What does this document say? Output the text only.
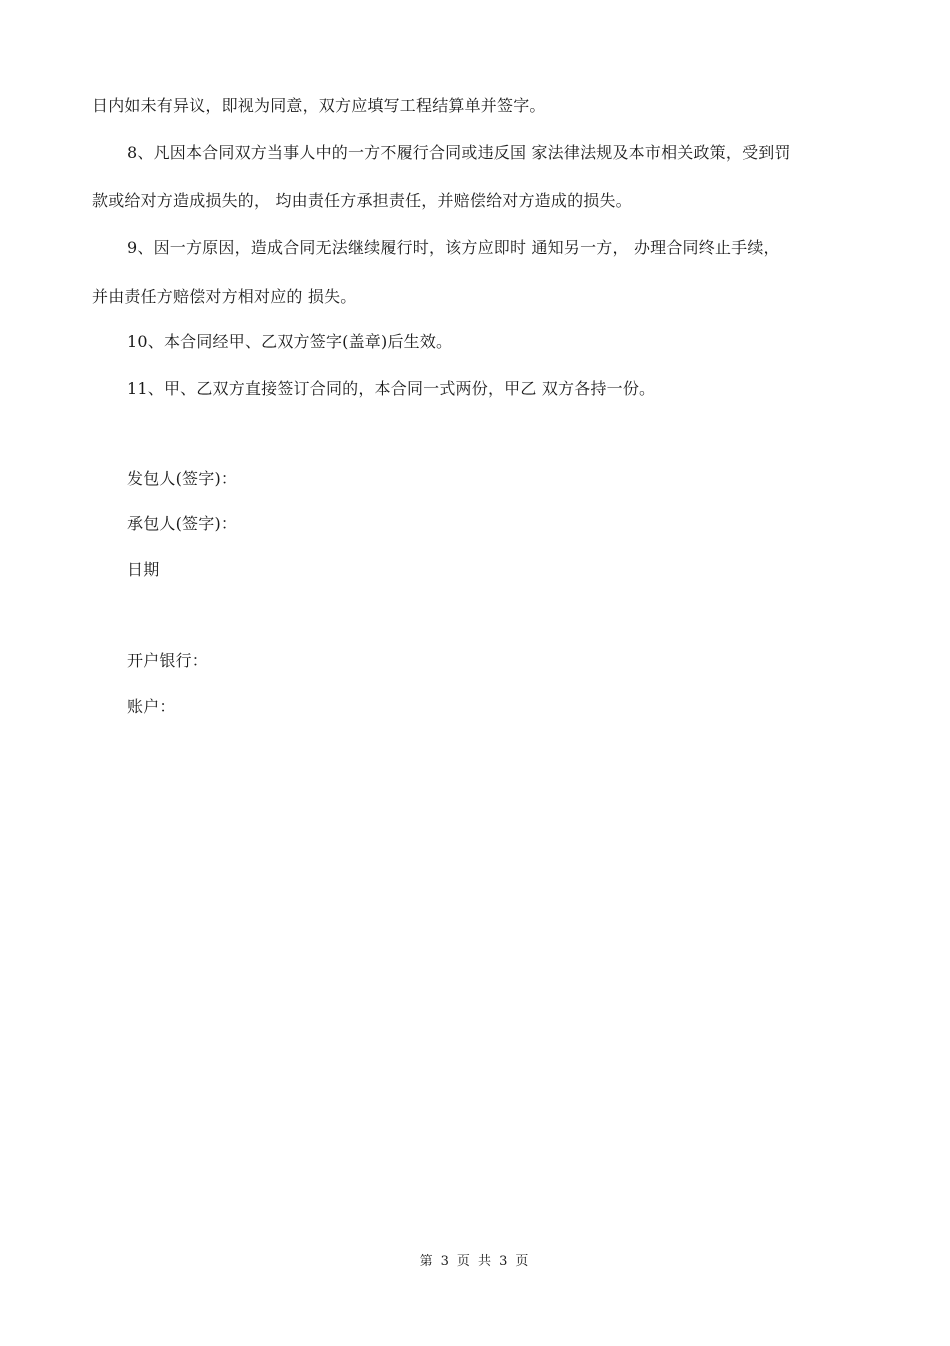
日内如未有异议，即视为同意，双方应填写工程结算单并签字。
8、凡因本合同双方当事人中的一方不履行合同或违反国 家法律法规及本市相关政策，受到罚
款或给对方造成损失的， 均由责任方承担责任，并赔偿给对方造成的损失。
9、因一方原因，造成合同无法继续履行时，该方应即时 通知另一方， 办理合同终止手续，
并由责任方赔偿对方相对应的 损失。
10、本合同经甲、乙双方签字(盖章)后生效。
11、甲、乙双方直接签订合同的，本合同一式两份，甲乙 双方各持一份。
发包人(签字)：
承包人(签字)：
日期
开户银行：
账户：
第 3 页 共 3 页
